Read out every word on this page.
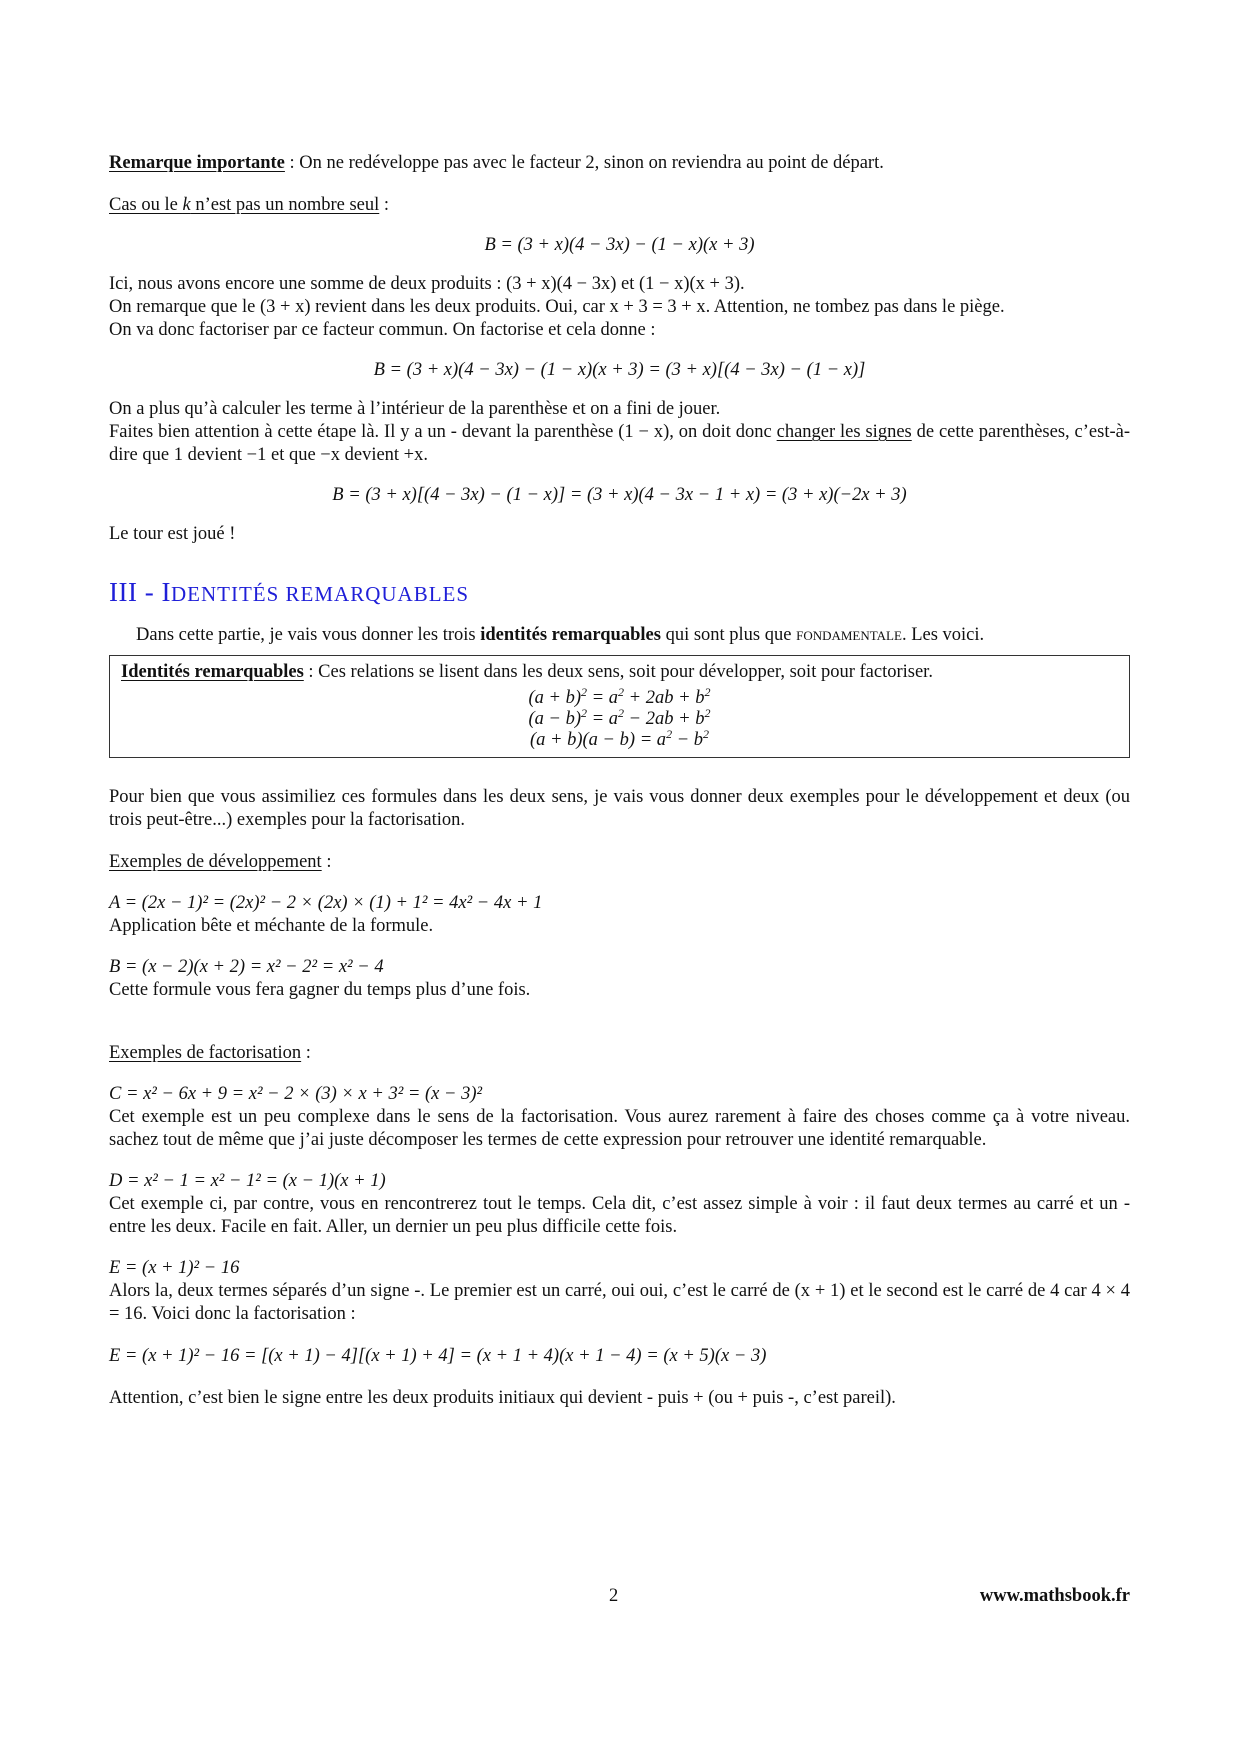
Remarque importante : On ne redéveloppe pas avec le facteur 2, sinon on reviendra au point de départ.

Cas ou le k n’est pas un nombre seul :

B = (3 + x)(4 − 3x) − (1 − x)(x + 3)

Ici, nous avons encore une somme de deux produits : (3 + x)(4 − 3x) et (1 − x)(x + 3).

On remarque que le (3 + x) revient dans les deux produits. Oui, car x + 3 = 3 + x. Attention, ne tombez pas dans le piège.

On va donc factoriser par ce facteur commun. On factorise et cela donne :

B = (3 + x)(4 − 3x) − (1 − x)(x + 3) = (3 + x)[(4 − 3x) − (1 − x)]

On a plus qu’à calculer les terme à l’intérieur de la parenthèse et on a fini de jouer.

Faites bien attention à cette étape là. Il y a un - devant la parenthèse (1 − x), on doit donc changer les signes de cette parenthèses, c’est-à-dire que 1 devient −1 et que −x devient +x.

B = (3 + x)[(4 − 3x) − (1 − x)] = (3 + x)(4 − 3x − 1 + x) = (3 + x)(−2x + 3)

Le tour est joué !

III - IDENTITÉS REMARQUABLES

Dans cette partie, je vais vous donner les trois identités remarquables qui sont plus que fondamentale. Les voici.

Identités remarquables : Ces relations se lisent dans les deux sens, soit pour développer, soit pour factoriser.

$(a + b)^2 = a^2 + 2ab + b^2$

$(a - b)^2 = a^2 - 2ab + b^2$

$(a + b)(a - b) = a^2 - b^2$

Pour bien que vous assimiliez ces formules dans les deux sens, je vais vous donner deux exemples pour le développement et deux (ou trois peut-être...) exemples pour la factorisation.

Exemples de développement :

A = (2x − 1)² = (2x)² − 2 × (2x) × (1) + 1² = 4x² − 4x + 1

Application bête et méchante de la formule.

B = (x − 2)(x + 2) = x² − 2² = x² − 4

Cette formule vous fera gagner du temps plus d’une fois.

Exemples de factorisation :

C = x² − 6x + 9 = x² − 2 × (3) × x + 3² = (x − 3)²

Cet exemple est un peu complexe dans le sens de la factorisation. Vous aurez rarement à faire des choses comme ça à votre niveau. sachez tout de même que j’ai juste décomposer les termes de cette expression pour retrouver une identité remarquable.

D = x² − 1 = x² − 1² = (x − 1)(x + 1)

Cet exemple ci, par contre, vous en rencontrerez tout le temps. Cela dit, c’est assez simple à voir : il faut deux termes au carré et un - entre les deux. Facile en fait. Aller, un dernier un peu plus difficile cette fois.

E = (x + 1)² − 16

Alors la, deux termes séparés d’un signe -. Le premier est un carré, oui oui, c’est le carré de (x + 1) et le second est le carré de 4 car 4 × 4 = 16. Voici donc la factorisation :

E = (x + 1)² − 16 = [(x + 1) − 4][(x + 1) + 4] = (x + 1 + 4)(x + 1 − 4) = (x + 5)(x − 3)

Attention, c’est bien le signe entre les deux produits initiaux qui devient - puis + (ou + puis -, c’est pareil).

2	www.mathsbook.fr
